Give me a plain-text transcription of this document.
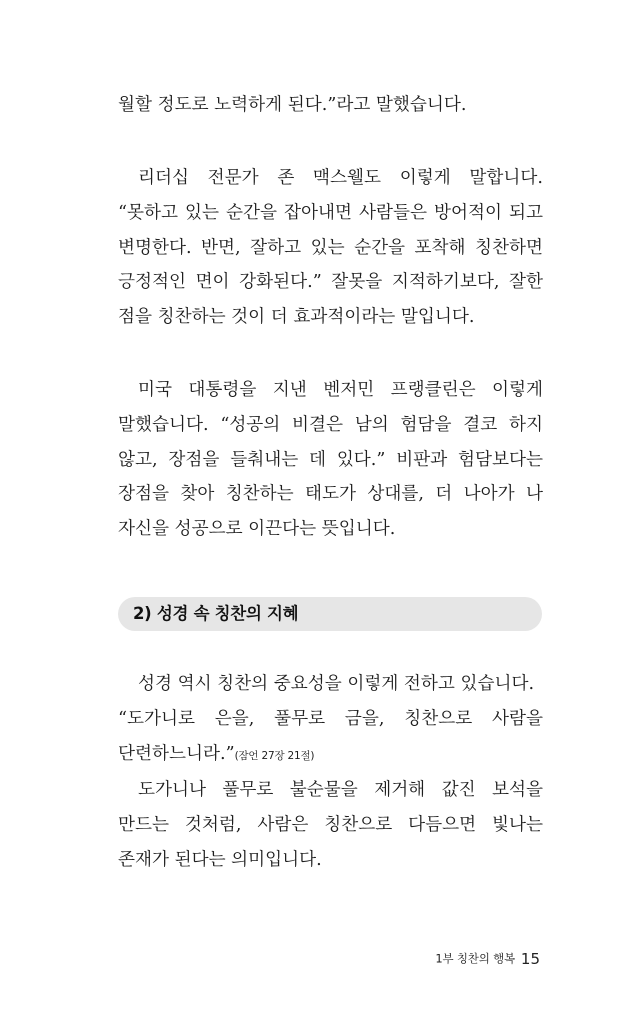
월할 정도로 노력하게 된다.”라고 말했습니다.

리더십 전문가 존 맥스웰도 이렇게 말합니다. “못하고 있는 순간을 잡아내면 사람들은 방어적이 되고 변명한다. 반면, 잘하고 있는 순간을 포착해 칭찬하면 긍정적인 면이 강화된다.” 잘못을 지적하기보다, 잘한 점을 칭찬하는 것이 더 효과적이라는 말입니다.

미국 대통령을 지낸 벤저민 프랭클린은 이렇게 말했습니다. “성공의 비결은 남의 험담을 결코 하지 않고, 장점을 들춰내는 데 있다.” 비판과 험담보다는 장점을 찾아 칭찬하는 태도가 상대를, 더 나아가 나 자신을 성공으로 이끈다는 뜻입니다.

2) 성경 속 칭찬의 지혜

성경 역시 칭찬의 중요성을 이렇게 전하고 있습니다.

“도가니로 은을, 풀무로 금을, 칭찬으로 사람을 단련하느니라.”(잠언 27장 21절)

도가니나 풀무로 불순물을 제거해 값진 보석을 만드는 것처럼, 사람은 칭찬으로 다듬으면 빛나는 존재가 된다는 의미입니다.

1부 칭찬의 행복 15
